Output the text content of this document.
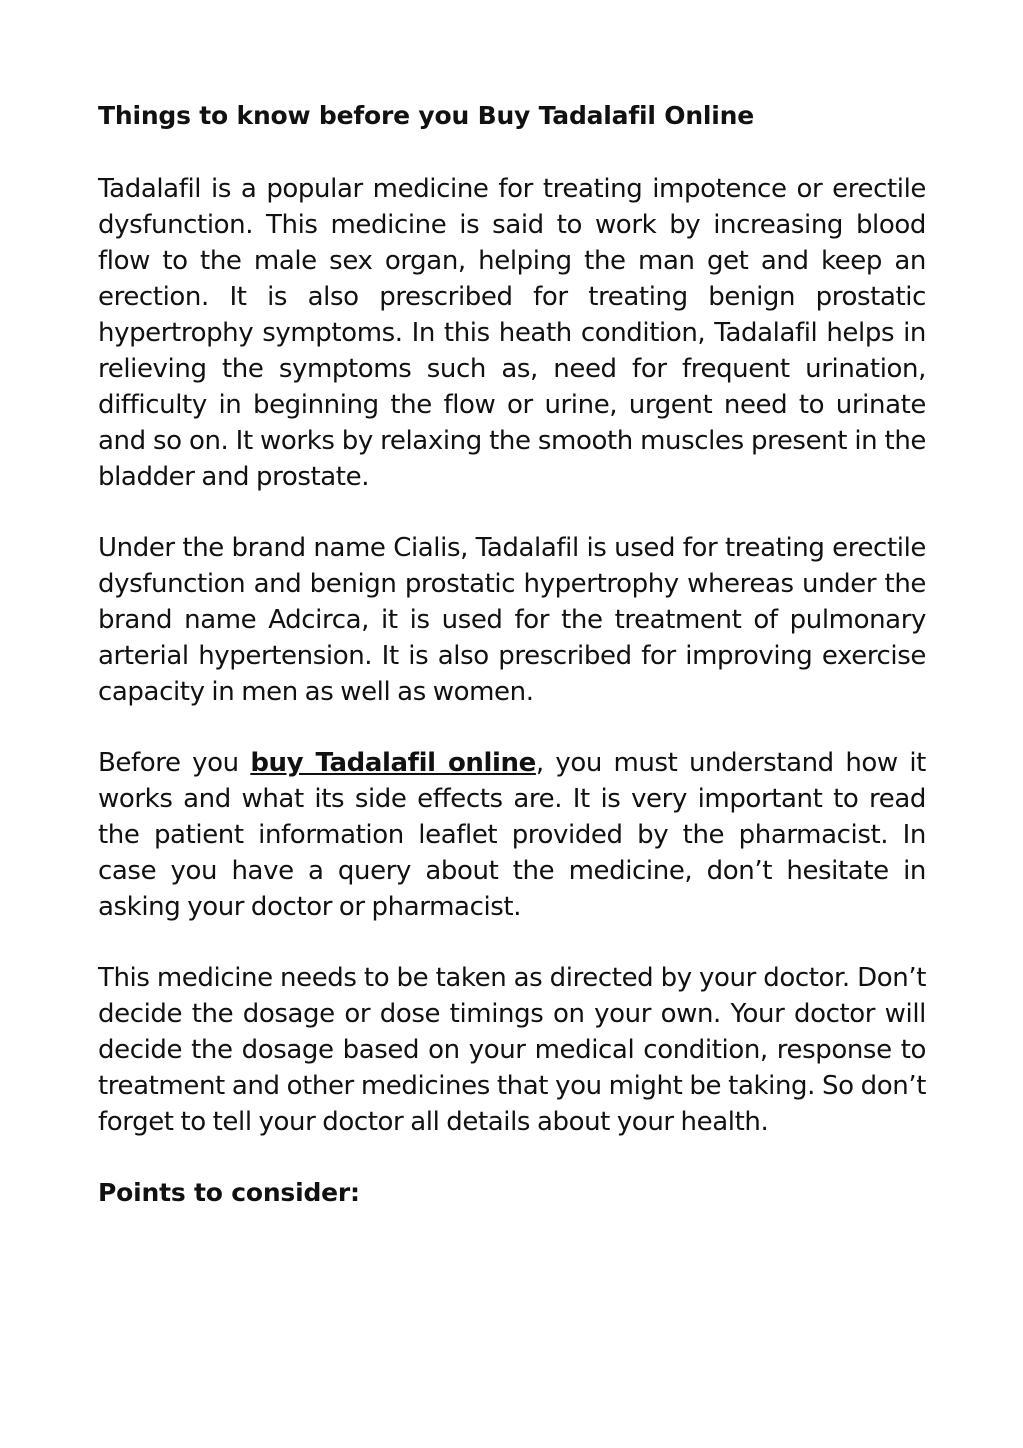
Things to know before you Buy Tadalafil Online

Tadalafil is a popular medicine for treating impotence or erectile dysfunction. This medicine is said to work by increasing blood flow to the male sex organ, helping the man get and keep an erection. It is also prescribed for treating benign prostatic hypertrophy symptoms. In this heath condition, Tadalafil helps in relieving the symptoms such as, need for frequent urination, difficulty in beginning the flow or urine, urgent need to urinate and so on. It works by relaxing the smooth muscles present in the bladder and prostate.

Under the brand name Cialis, Tadalafil is used for treating erectile dysfunction and benign prostatic hypertrophy whereas under the brand name Adcirca, it is used for the treatment of pulmonary arterial hypertension. It is also prescribed for improving exercise capacity in men as well as women.

Before you buy Tadalafil online, you must understand how it works and what its side effects are. It is very important to read the patient information leaflet provided by the pharmacist. In case you have a query about the medicine, don’t hesitate in asking your doctor or pharmacist.

This medicine needs to be taken as directed by your doctor. Don’t decide the dosage or dose timings on your own. Your doctor will decide the dosage based on your medical condition, response to treatment and other medicines that you might be taking. So don’t forget to tell your doctor all details about your health.

Points to consider:
